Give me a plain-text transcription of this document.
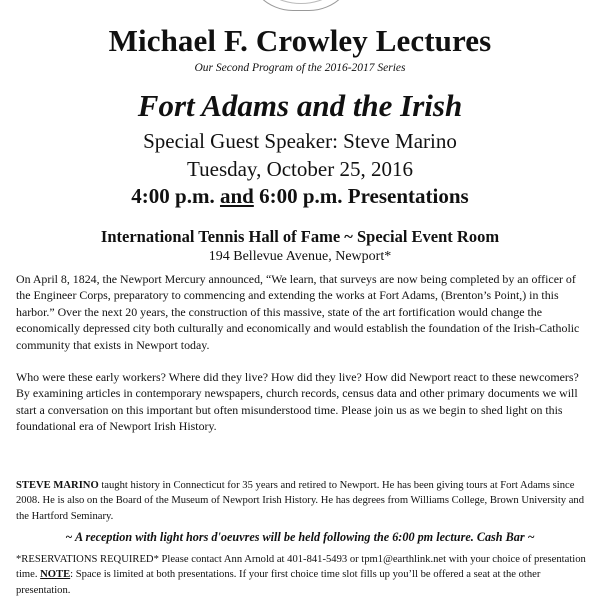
Michael F. Crowley Lectures
Our Second Program of the 2016-2017 Series
Fort Adams and the Irish
Special Guest Speaker: Steve Marino
Tuesday, October 25, 2016
4:00 p.m. and 6:00 p.m. Presentations
International Tennis Hall of Fame ~ Special Event Room
194 Bellevue Avenue, Newport*

On April 8, 1824, the Newport Mercury announced, “We learn, that surveys are now being completed by an officer of the Engineer Corps, preparatory to commencing and extending the works at Fort Adams, (Brenton’s Point,) in this harbor.” Over the next 20 years, the construction of this massive, state of the art fortification would change the economically depressed city both culturally and economically and would establish the foundation of the Irish-Catholic community that exists in Newport today.

Who were these early workers? Where did they live? How did they live? How did Newport react to these newcomers? By examining articles in contemporary newspapers, church records, census data and other primary documents we will start a conversation on this important but often misunderstood time. Please join us as we begin to shed light on this foundational era of Newport Irish History.

STEVE MARINO taught history in Connecticut for 35 years and retired to Newport. He has been giving tours at Fort Adams since 2008. He is also on the Board of the Museum of Newport Irish History. He has degrees from Williams College, Brown University and the Hartford Seminary.

~ A reception with light hors d'oeuvres will be held following the 6:00 pm lecture. Cash Bar ~

*RESERVATIONS REQUIRED* Please contact Ann Arnold at 401-841-5493 or tpm1@earthlink.net with your choice of presentation time. NOTE: Space is limited at both presentations. If your first choice time slot fills up you’ll be offered a seat at the other presentation.
